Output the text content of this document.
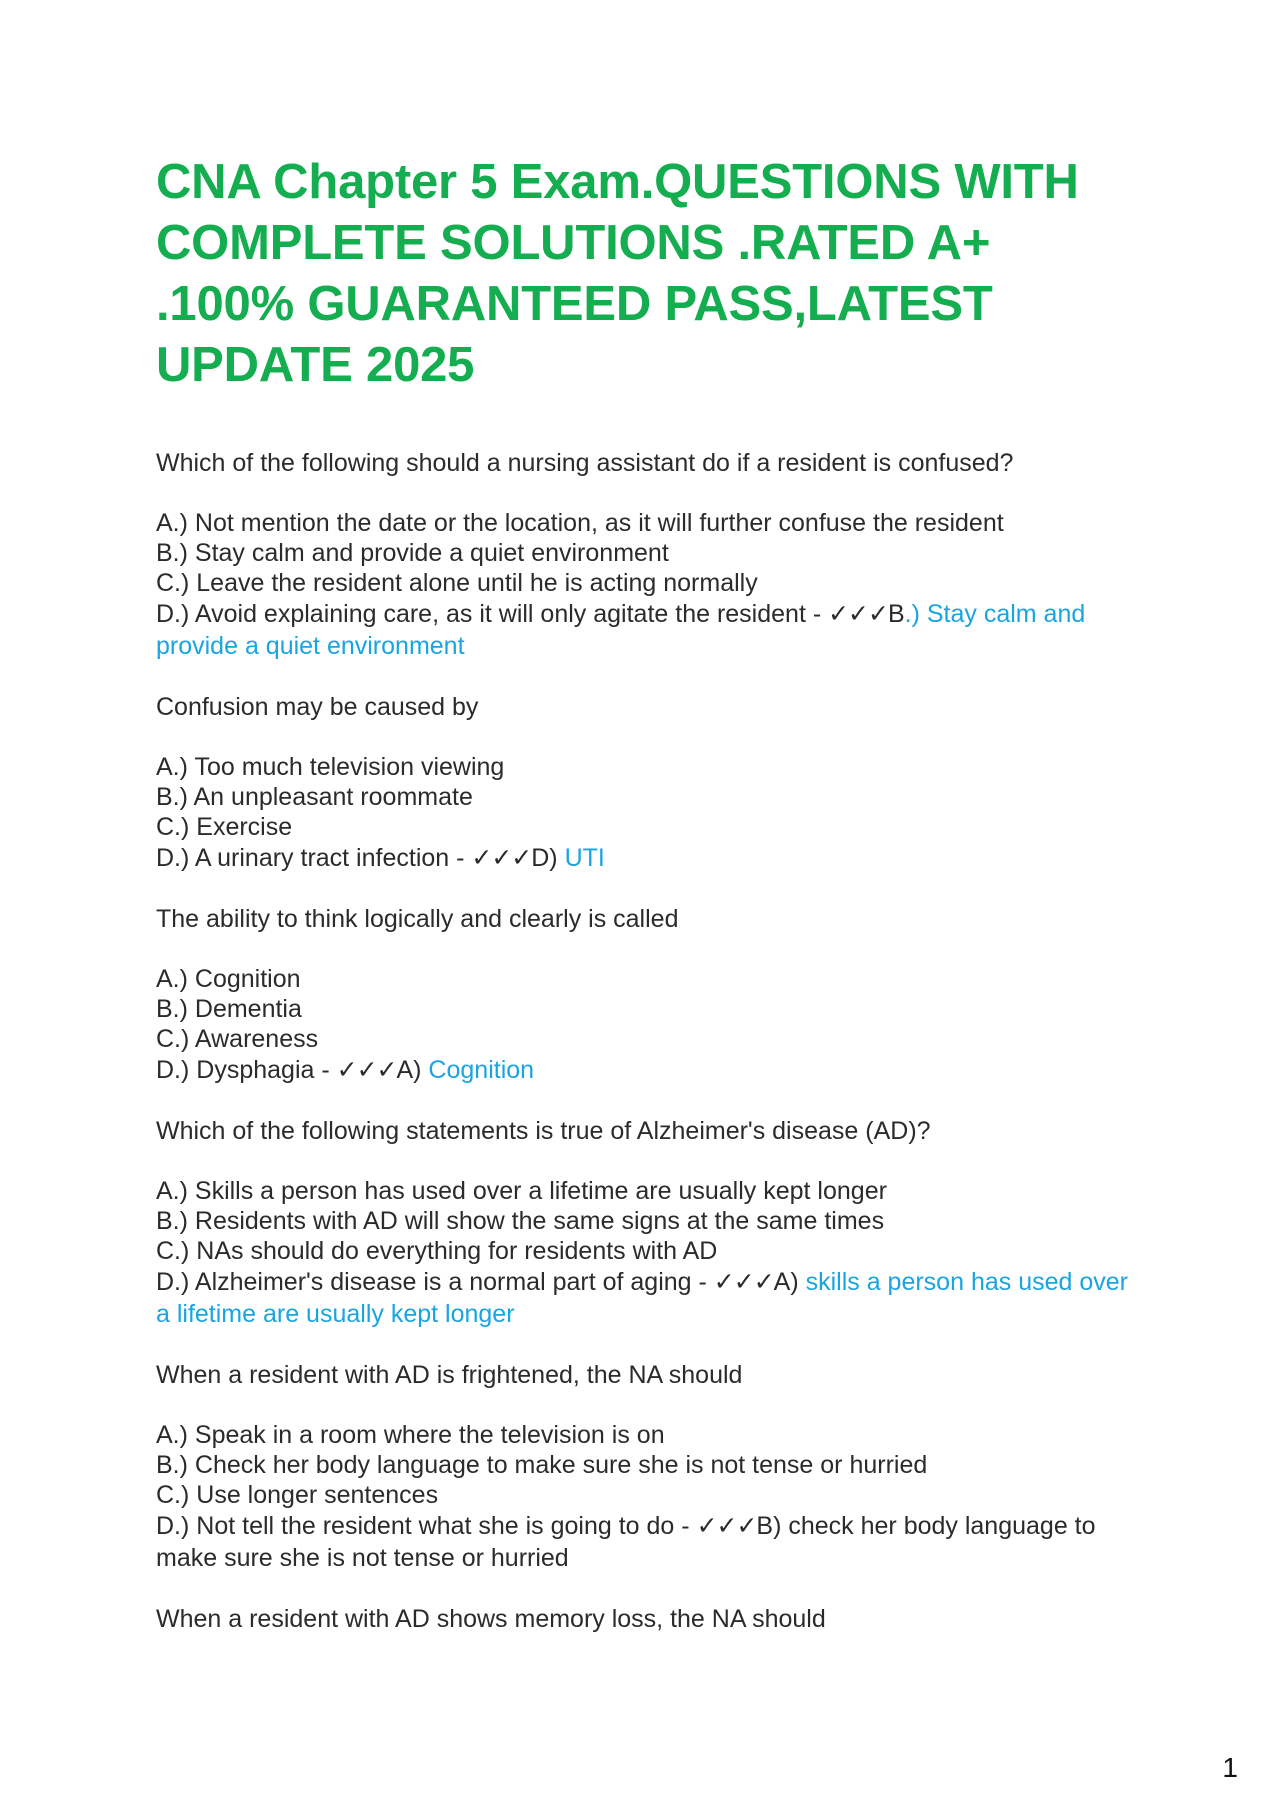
CNA Chapter 5 Exam.QUESTIONS WITH COMPLETE SOLUTIONS .RATED A+ .100% GUARANTEED PASS,LATEST UPDATE 2025

Which of the following should a nursing assistant do if a resident is confused?

A.) Not mention the date or the location, as it will further confuse the resident

B.) Stay calm and provide a quiet environment

C.) Leave the resident alone until he is acting normally

D.) Avoid explaining care, as it will only agitate the resident - ✓✓✓B.) Stay calm and provide a quiet environment

Confusion may be caused by

A.) Too much television viewing

B.) An unpleasant roommate

C.) Exercise

D.) A urinary tract infection - ✓✓✓D) UTI

The ability to think logically and clearly is called

A.) Cognition

B.) Dementia

C.) Awareness

D.) Dysphagia - ✓✓✓A) Cognition

Which of the following statements is true of Alzheimer's disease (AD)?

A.) Skills a person has used over a lifetime are usually kept longer

B.) Residents with AD will show the same signs at the same times

C.) NAs should do everything for residents with AD

D.) Alzheimer's disease is a normal part of aging - ✓✓✓A) skills a person has used over a lifetime are usually kept longer

When a resident with AD is frightened, the NA should

A.) Speak in a room where the television is on

B.) Check her body language to make sure she is not tense or hurried

C.) Use longer sentences

D.) Not tell the resident what she is going to do - ✓✓✓B) check her body language to make sure she is not tense or hurried

When a resident with AD shows memory loss, the NA should

1
